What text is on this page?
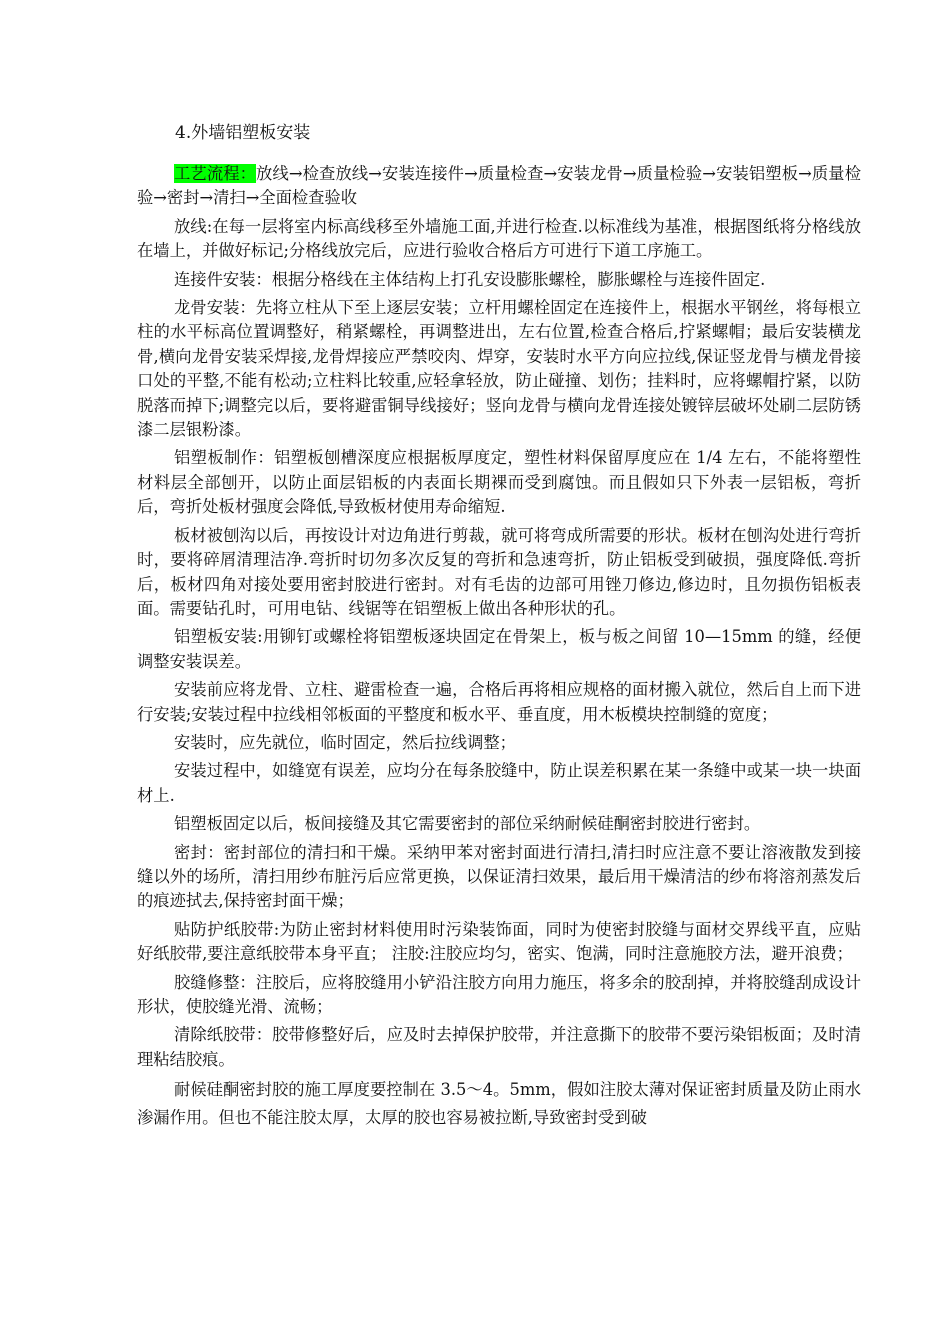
4.外墙铝塑板安装

工艺流程：放线→检查放线→安装连接件→质量检查→安装龙骨→质量检验→安装铝塑板→质量检验→密封→清扫→全面检查验收

放线:在每一层将室内标高线移至外墙施工面,并进行检查.以标准线为基准，根据图纸将分格线放在墙上，并做好标记;分格线放完后，应进行验收合格后方可进行下道工序施工。

连接件安装：根据分格线在主体结构上打孔安设膨胀螺栓，膨胀螺栓与连接件固定.

龙骨安装：先将立柱从下至上逐层安装；立杆用螺栓固定在连接件上，根据水平钢丝，将每根立柱的水平标高位置调整好，稍紧螺栓，再调整进出，左右位置,检查合格后,拧紧螺帽；最后安装横龙骨,横向龙骨安装采焊接,龙骨焊接应严禁咬肉、焊穿，安装时水平方向应拉线,保证竖龙骨与横龙骨接口处的平整,不能有松动;立柱料比较重,应轻拿轻放，防止碰撞、划伤；挂料时，应将螺帽拧紧，以防脱落而掉下;调整完以后，要将避雷铜导线接好；竖向龙骨与横向龙骨连接处镀锌层破坏处刷二层防锈漆二层银粉漆。

铝塑板制作：铝塑板刨槽深度应根据板厚度定，塑性材料保留厚度应在 1/4 左右，不能将塑性材料层全部刨开，以防止面层铝板的内表面长期裸而受到腐蚀。而且假如只下外表一层铝板，弯折后，弯折处板材强度会降低,导致板材使用寿命缩短.

板材被刨沟以后，再按设计对边角进行剪裁，就可将弯成所需要的形状。板材在刨沟处进行弯折时，要将碎屑清理洁净.弯折时切勿多次反复的弯折和急速弯折，防止铝板受到破损，强度降低.弯折后，板材四角对接处要用密封胶进行密封。对有毛齿的边部可用锉刀修边,修边时，且勿损伤铝板表面。需要钻孔时，可用电钻、线锯等在铝塑板上做出各种形状的孔。

铝塑板安装:用铆钉或螺栓将铝塑板逐块固定在骨架上，板与板之间留 10—15mm 的缝，经便调整安装误差。

安装前应将龙骨、立柱、避雷检查一遍，合格后再将相应规格的面材搬入就位，然后自上而下进行安装;安装过程中拉线相邻板面的平整度和板水平、垂直度，用木板模块控制缝的宽度；

安装时，应先就位，临时固定，然后拉线调整；

安装过程中，如缝宽有误差，应均分在每条胶缝中，防止误差积累在某一条缝中或某一块一块面材上.

铝塑板固定以后，板间接缝及其它需要密封的部位采纳耐候硅酮密封胶进行密封。

密封：密封部位的清扫和干燥。采纳甲苯对密封面进行清扫,清扫时应注意不要让溶液散发到接缝以外的场所，清扫用纱布脏污后应常更换，以保证清扫效果，最后用干燥清洁的纱布将溶剂蒸发后的痕迹拭去,保持密封面干燥；

贴防护纸胶带:为防止密封材料使用时污染装饰面，同时为使密封胶缝与面材交界线平直，应贴好纸胶带,要注意纸胶带本身平直； 注胶:注胶应均匀，密实、饱满，同时注意施胶方法，避开浪费；

胶缝修整：注胶后，应将胶缝用小铲沿注胶方向用力施压，将多余的胶刮掉，并将胶缝刮成设计形状，使胶缝光滑、流畅；

清除纸胶带：胶带修整好后，应及时去掉保护胶带，并注意撕下的胶带不要污染铝板面；及时清理粘结胶痕。

耐候硅酮密封胶的施工厚度要控制在 3.5～4。5mm，假如注胶太薄对保证密封质量及防止雨水渗漏作用。但也不能注胶太厚，太厚的胶也容易被拉断,导致密封受到破
